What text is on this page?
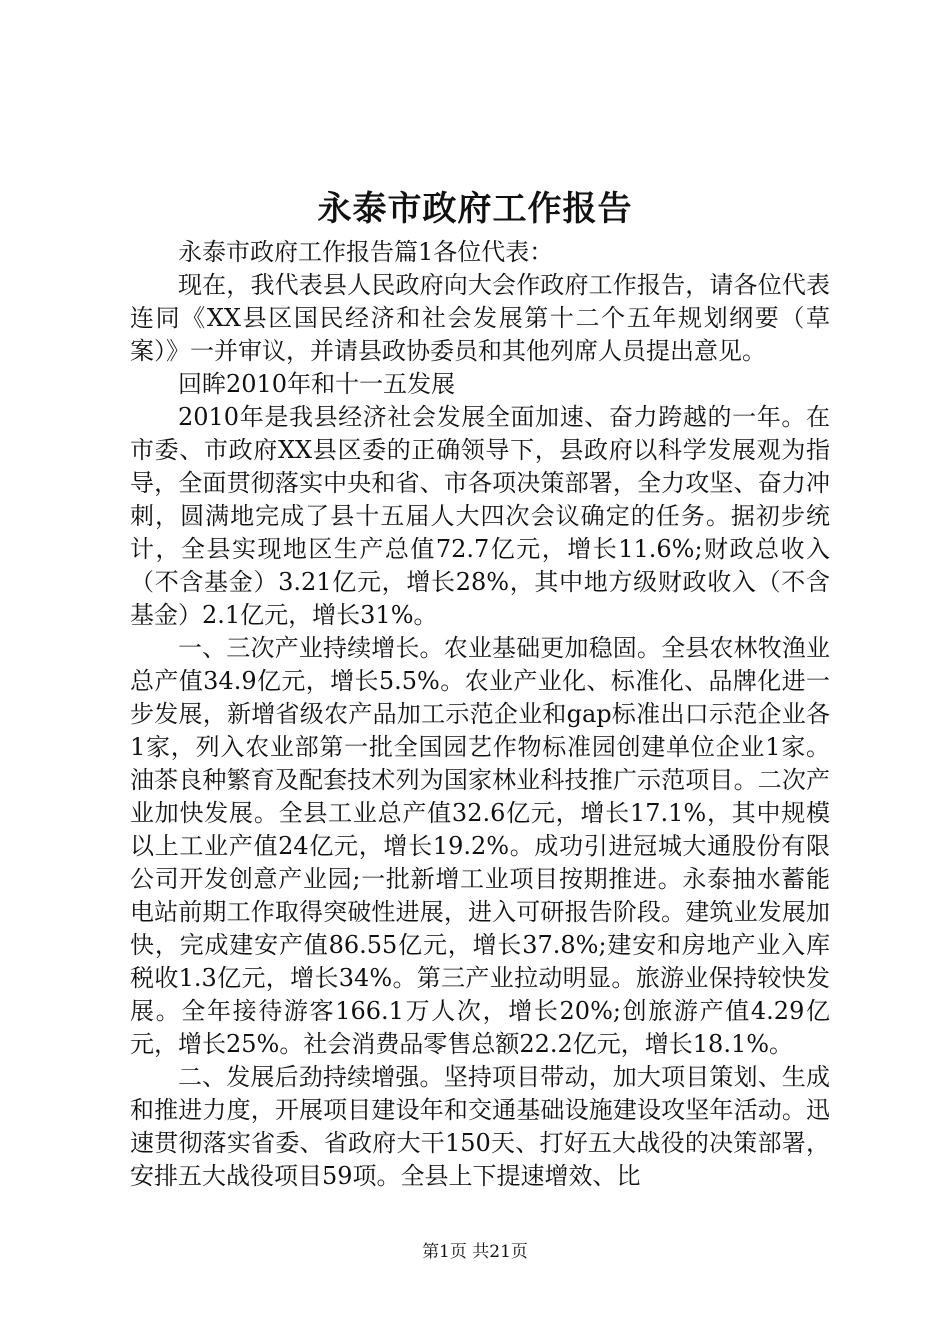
永泰市政府工作报告

永泰市政府工作报告篇1各位代表：

现在，我代表县人民政府向大会作政府工作报告，请各位代表连同《XX县区国民经济和社会发展第十二个五年规划纲要（草案）》一并审议，并请县政协委员和其他列席人员提出意见。

回眸2010年和十一五发展

2010年是我县经济社会发展全面加速、奋力跨越的一年。在市委、市政府XX县区委的正确领导下，县政府以科学发展观为指导，全面贯彻落实中央和省、市各项决策部署，全力攻坚、奋力冲刺，圆满地完成了县十五届人大四次会议确定的任务。据初步统计，全县实现地区生产总值72.7亿元，增长11.6%;财政总收入（不含基金）3.21亿元，增长28%，其中地方级财政收入（不含基金）2.1亿元，增长31%。

一、三次产业持续增长。农业基础更加稳固。全县农林牧渔业总产值34.9亿元，增长5.5%。农业产业化、标准化、品牌化进一步发展，新增省级农产品加工示范企业和gap标准出口示范企业各1家，列入农业部第一批全国园艺作物标准园创建单位企业1家。油茶良种繁育及配套技术列为国家林业科技推广示范项目。二次产业加快发展。全县工业总产值32.6亿元，增长17.1%，其中规模以上工业产值24亿元，增长19.2%。成功引进冠城大通股份有限公司开发创意产业园;一批新增工业项目按期推进。永泰抽水蓄能电站前期工作取得突破性进展，进入可研报告阶段。建筑业发展加快，完成建安产值86.55亿元，增长37.8%;建安和房地产业入库税收1.3亿元，增长34%。第三产业拉动明显。旅游业保持较快发展。全年接待游客166.1万人次，增长20%;创旅游产值4.29亿元，增长25%。社会消费品零售总额22.2亿元，增长18.1%。

二、发展后劲持续增强。坚持项目带动，加大项目策划、生成和推进力度，开展项目建设年和交通基础设施建设攻坚年活动。迅速贯彻落实省委、省政府大干150天、打好五大战役的决策部署，安排五大战役项目59项。全县上下提速增效、比

第1页 共21页
